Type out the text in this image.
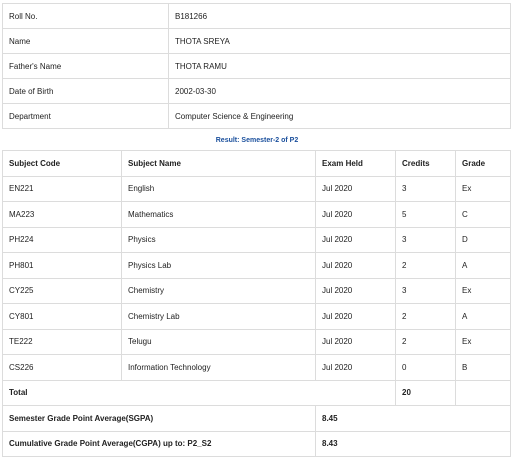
Roll No.	B181266
Name	THOTA SREYA
Father's Name	THOTA RAMU
Date of Birth	2002-03-30
Department	Computer Science & Engineering
Result: Semester-2 of P2
Subject Code	Subject Name	Exam Held	Credits	Grade
EN221	English	Jul 2020	3	Ex
MA223	Mathematics	Jul 2020	5	C
PH224	Physics	Jul 2020	3	D
PH801	Physics Lab	Jul 2020	2	A
CY225	Chemistry	Jul 2020	3	Ex
CY801	Chemistry Lab	Jul 2020	2	A
TE222	Telugu	Jul 2020	2	Ex
CS226	Information Technology	Jul 2020	0	B
Total			20	
Semester Grade Point Average(SGPA)		8.45		
Cumulative Grade Point Average(CGPA) up to: P2_S2		8.43		
